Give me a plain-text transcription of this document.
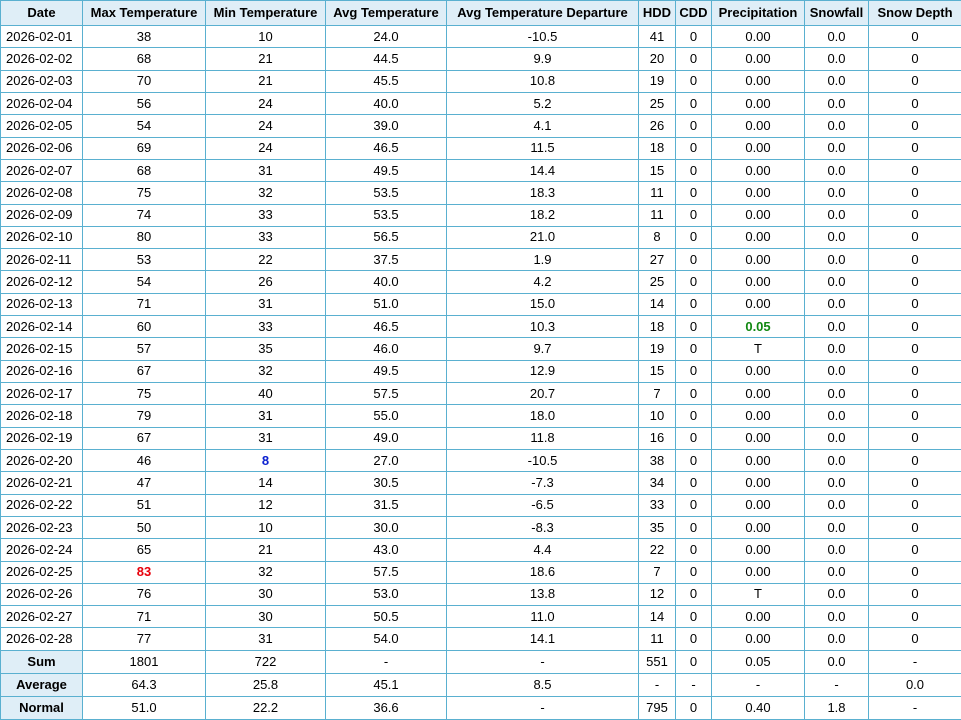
Date	Max Temperature	Min Temperature	Avg Temperature	Avg Temperature Departure	HDD	CDD	Precipitation	Snowfall	Snow Depth
2026-02-01	38	10	24.0	-10.5	41	0	0.00	0.0	0
2026-02-02	68	21	44.5	9.9	20	0	0.00	0.0	0
2026-02-03	70	21	45.5	10.8	19	0	0.00	0.0	0
2026-02-04	56	24	40.0	5.2	25	0	0.00	0.0	0
2026-02-05	54	24	39.0	4.1	26	0	0.00	0.0	0
2026-02-06	69	24	46.5	11.5	18	0	0.00	0.0	0
2026-02-07	68	31	49.5	14.4	15	0	0.00	0.0	0
2026-02-08	75	32	53.5	18.3	11	0	0.00	0.0	0
2026-02-09	74	33	53.5	18.2	11	0	0.00	0.0	0
2026-02-10	80	33	56.5	21.0	8	0	0.00	0.0	0
2026-02-11	53	22	37.5	1.9	27	0	0.00	0.0	0
2026-02-12	54	26	40.0	4.2	25	0	0.00	0.0	0
2026-02-13	71	31	51.0	15.0	14	0	0.00	0.0	0
2026-02-14	60	33	46.5	10.3	18	0	0.05	0.0	0
2026-02-15	57	35	46.0	9.7	19	0	T	0.0	0
2026-02-16	67	32	49.5	12.9	15	0	0.00	0.0	0
2026-02-17	75	40	57.5	20.7	7	0	0.00	0.0	0
2026-02-18	79	31	55.0	18.0	10	0	0.00	0.0	0
2026-02-19	67	31	49.0	11.8	16	0	0.00	0.0	0
2026-02-20	46	8	27.0	-10.5	38	0	0.00	0.0	0
2026-02-21	47	14	30.5	-7.3	34	0	0.00	0.0	0
2026-02-22	51	12	31.5	-6.5	33	0	0.00	0.0	0
2026-02-23	50	10	30.0	-8.3	35	0	0.00	0.0	0
2026-02-24	65	21	43.0	4.4	22	0	0.00	0.0	0
2026-02-25	83	32	57.5	18.6	7	0	0.00	0.0	0
2026-02-26	76	30	53.0	13.8	12	0	T	0.0	0
2026-02-27	71	30	50.5	11.0	14	0	0.00	0.0	0
2026-02-28	77	31	54.0	14.1	11	0	0.00	0.0	0
Sum	1801	722	-	-	551	0	0.05	0.0	-
Average	64.3	25.8	45.1	8.5	-	-	-	-	0.0
Normal	51.0	22.2	36.6	-	795	0	0.40	1.8	-
